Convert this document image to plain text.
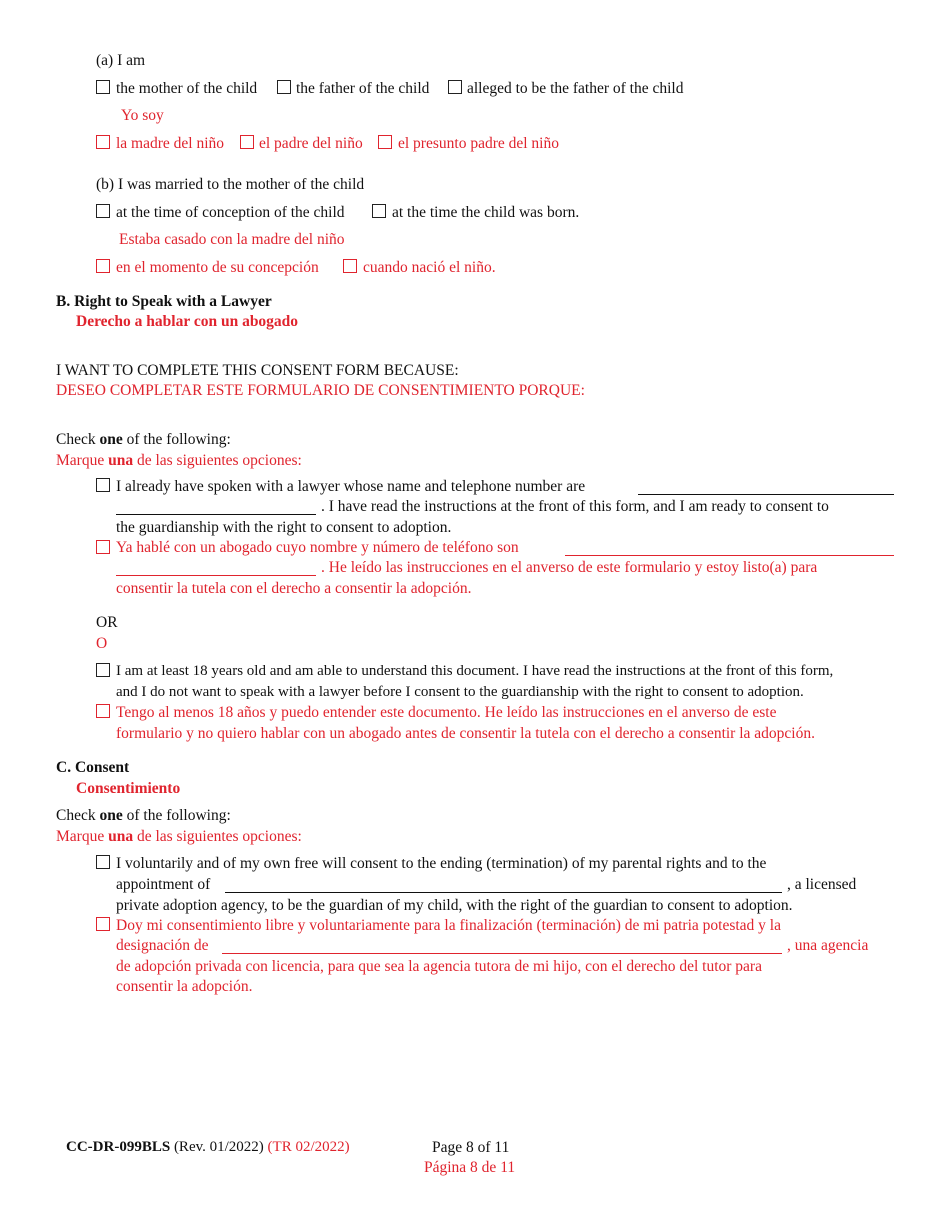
(a) I am
the mother of the child	the father of the child alleged to be the father of the child
Yo soy
la madre del niño el padre del niño el presunto padre del niño
(b) I was married to the mother of the child
at the time of conception of the child	at the time the child was born.
Estaba casado con la madre del niño
en el momento de su concepción	cuando nació el niño.
B. Right to Speak with a Lawyer
Derecho a hablar con un abogado
I WANT TO COMPLETE THIS CONSENT FORM BECAUSE:
DESEO COMPLETAR ESTE FORMULARIO DE CONSENTIMIENTO PORQUE:
Check one of the following:
Marque una de las siguientes opciones:
I already have spoken with a lawyer whose name and telephone number are
. I have read the instructions at the front of this form, and I am ready to consent to
the guardianship with the right to consent to adoption.
Ya hablé con un abogado cuyo nombre y número de teléfono son
. He leído las instrucciones en el anverso de este formulario y estoy listo(a) para
consentir la tutela con el derecho a consentir la adopción.
OR
O
I am at least 18 years old and am able to understand this document. I have read the instructions at the front of this form,
and I do not want to speak with a lawyer before I consent to the guardianship with the right to consent to adoption.
Tengo al menos 18 años y puedo entender este documento. He leído las instrucciones en el anverso de este
formulario y no quiero hablar con un abogado antes de consentir la tutela con el derecho a consentir la adopción.
C. Consent
Consentimiento
Check one of the following:
Marque una de las siguientes opciones:
I voluntarily and of my own free will consent to the ending (termination) of my parental rights and to the
appointment of	, a licensed
private adoption agency, to be the guardian of my child, with the right of the guardian to consent to adoption.
Doy mi consentimiento libre y voluntariamente para la finalización (terminación) de mi patria potestad y la
designación de	, una agencia
de adopción privada con licencia, para que sea la agencia tutora de mi hijo, con el derecho del tutor para
consentir la adopción.
CC-DR-099BLS (Rev. 01/2022) (TR 02/2022)	Page 8 of 11
Página 8 de 11
